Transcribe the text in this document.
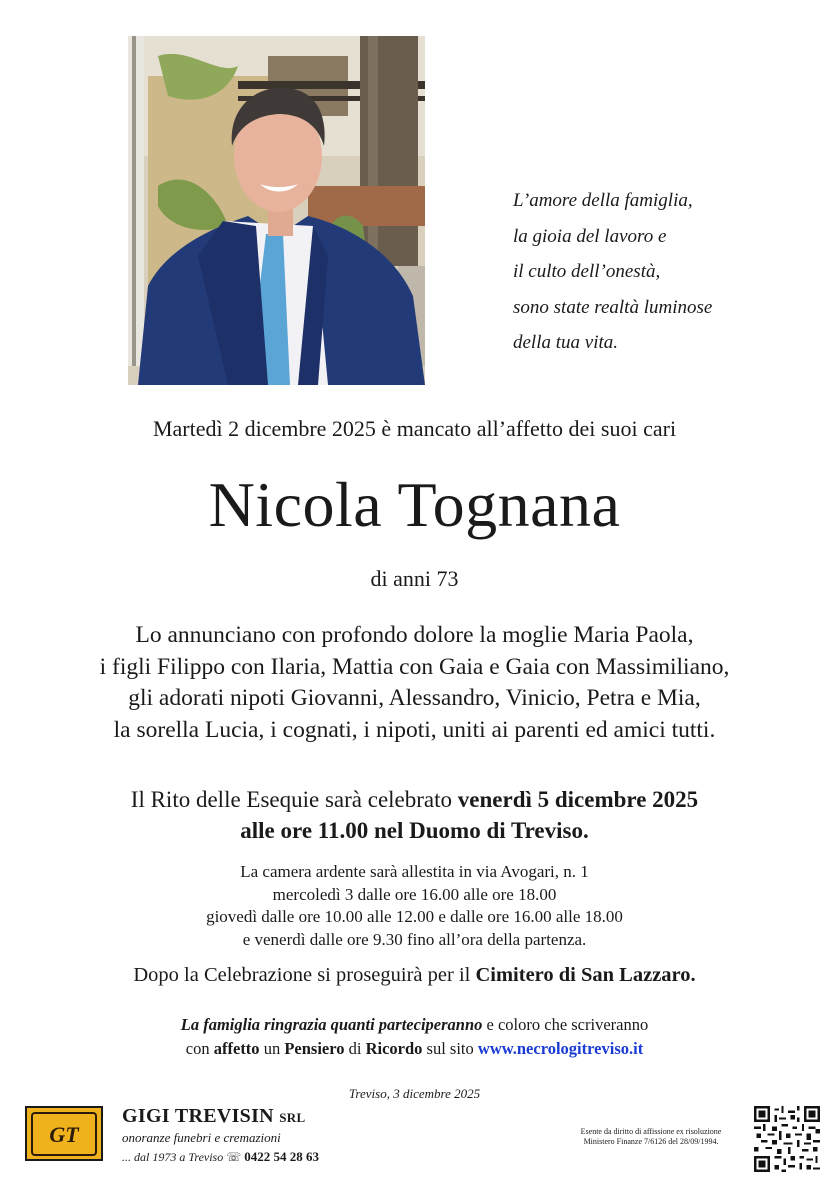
L’amore della famiglia,
la gioia del lavoro e
il culto dell’onestà,
sono state realtà luminose
della tua vita.
Martedì 2 dicembre 2025 è mancato all’affetto dei suoi cari
Nicola Tognana
di anni 73
Lo annunciano con profondo dolore la moglie Maria Paola,
i figli Filippo con Ilaria, Mattia con Gaia e Gaia con Massimiliano,
gli adorati nipoti Giovanni, Alessandro, Vinicio, Petra e Mia,
la sorella Lucia, i cognati, i nipoti, uniti ai parenti ed amici tutti.
Il Rito delle Esequie sarà celebrato venerdì 5 dicembre 2025
alle ore 11.00 nel Duomo di Treviso.
La camera ardente sarà allestita in via Avogari, n. 1
mercoledì 3 dalle ore 16.00 alle ore 18.00
giovedì dalle ore 10.00 alle 12.00 e dalle ore 16.00 alle 18.00
e venerdì dalle ore 9.30 fino all’ora della partenza.
Dopo la Celebrazione si proseguirà per il Cimitero di San Lazzaro.
La famiglia ringrazia quanti parteciperanno e coloro che scriveranno
con affetto un Pensiero di Ricordo sul sito www.necrologitreviso.it
Treviso, 3 dicembre 2025
GT
GIGI TREVISIN SRL
onoranze funebri e cremazioni
... dal 1973 a Treviso ☏ 0422 54 28 63
Esente da diritto di affissione ex risoluzione
Ministero Finanze 7/6126 del 28/09/1994.
